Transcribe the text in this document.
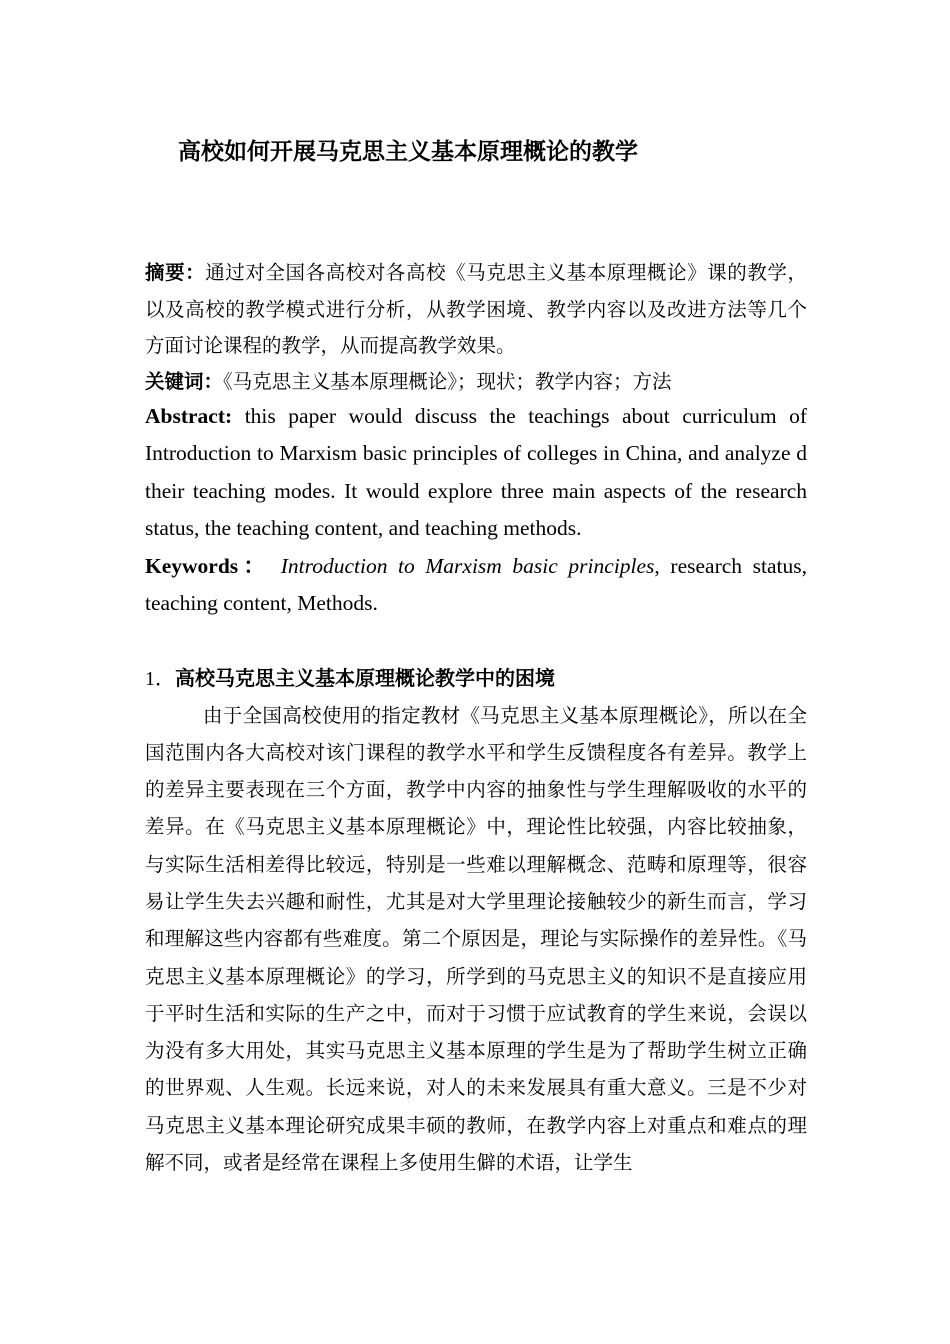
高校如何开展马克思主义基本原理概论的教学

摘要：通过对全国各高校对各高校《马克思主义基本原理概论》课的教学，以及高校的教学模式进行分析，从教学困境、教学内容以及改进方法等几个方面讨论课程的教学，从而提高教学效果。

关键词：《马克思主义基本原理概论》；现状；教学内容；方法

Abstract: this paper would discuss the teachings about curriculum of Introduction to Marxism basic principles of colleges in China, and analyze d their teaching modes. It would explore three main aspects of the research status, the teaching content, and teaching methods.

Keywords： Introduction to Marxism basic principles, research status, teaching content, Methods.

1．高校马克思主义基本原理概论教学中的困境

由于全国高校使用的指定教材《马克思主义基本原理概论》，所以在全国范围内各大高校对该门课程的教学水平和学生反馈程度各有差异。教学上的差异主要表现在三个方面，教学中内容的抽象性与学生理解吸收的水平的差异。在《马克思主义基本原理概论》中，理论性比较强，内容比较抽象，与实际生活相差得比较远，特别是一些难以理解概念、范畴和原理等，很容易让学生失去兴趣和耐性，尤其是对大学里理论接触较少的新生而言，学习和理解这些内容都有些难度。第二个原因是，理论与实际操作的差异性。《马克思主义基本原理概论》的学习，所学到的马克思主义的知识不是直接应用于平时生活和实际的生产之中，而对于习惯于应试教育的学生来说，会误以为没有多大用处，其实马克思主义基本原理的学生是为了帮助学生树立正确的世界观、人生观。长远来说，对人的未来发展具有重大意义。三是不少对马克思主义基本理论研究成果丰硕的教师，在教学内容上对重点和难点的理解不同，或者是经常在课程上多使用生僻的术语，让学生
